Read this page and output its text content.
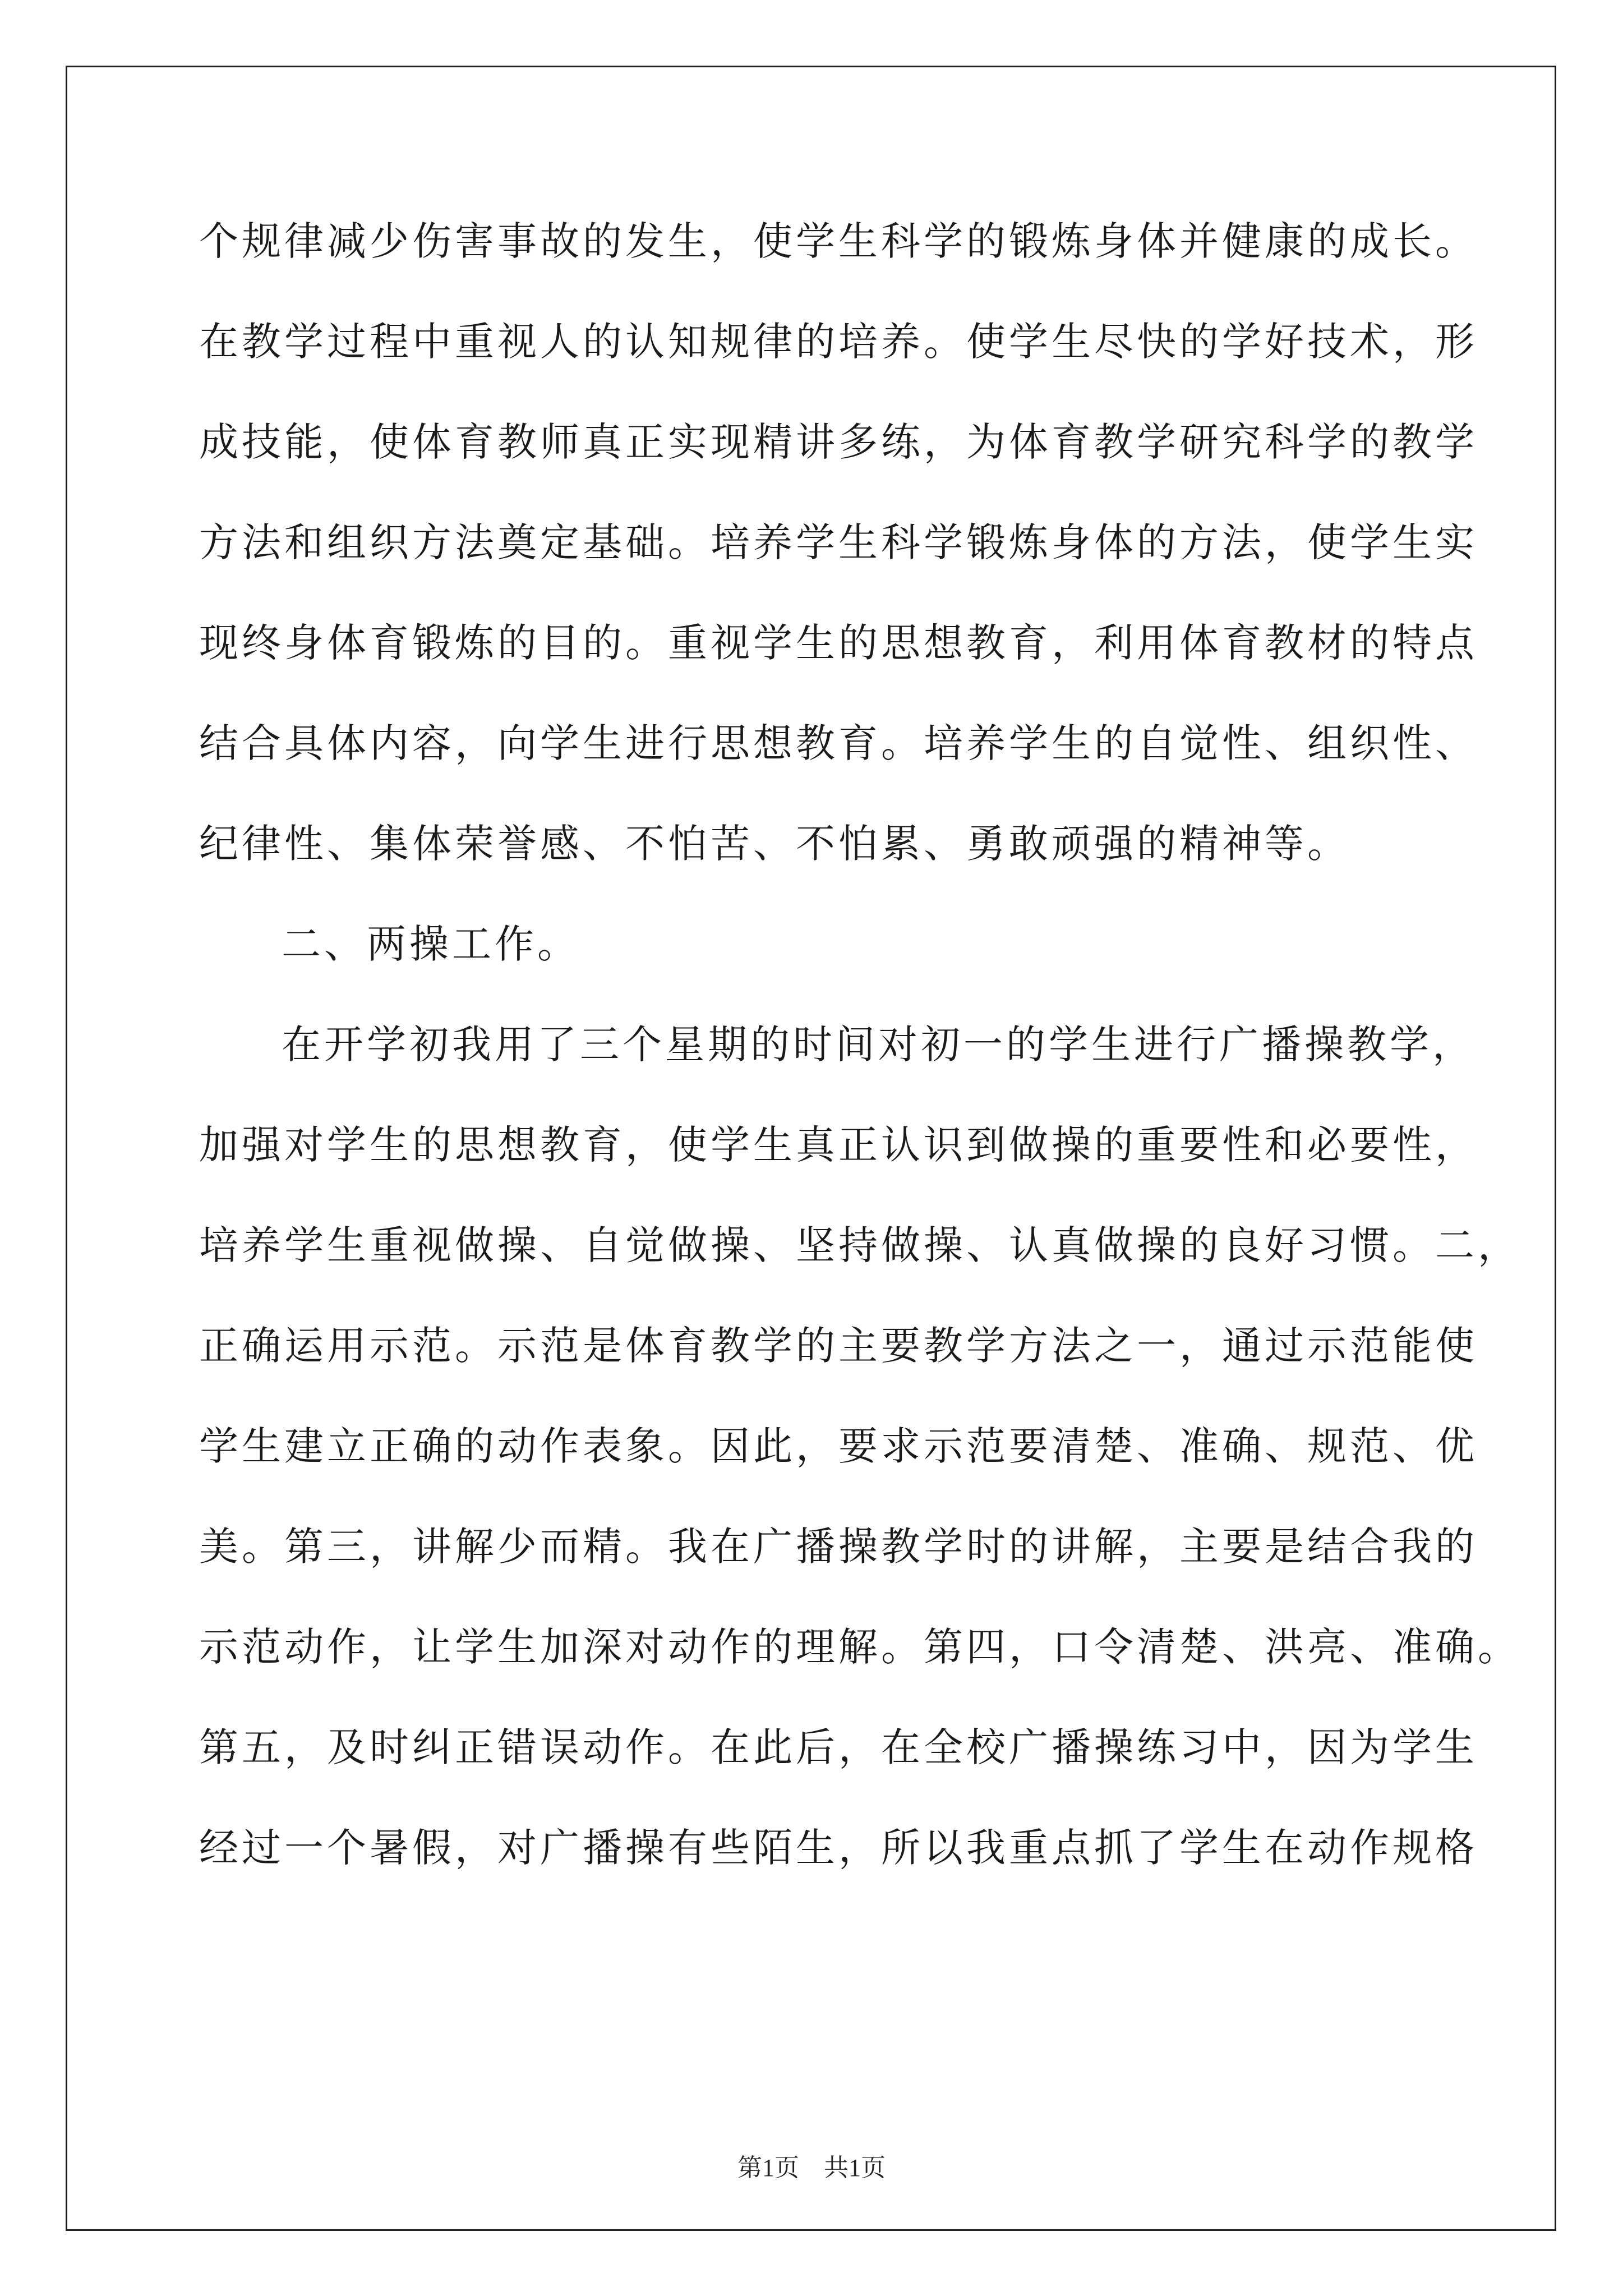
个规律减少伤害事故的发生，使学生科学的锻炼身体并健康的成长。
在教学过程中重视人的认知规律的培养。使学生尽快的学好技术，形
成技能，使体育教师真正实现精讲多练，为体育教学研究科学的教学
方法和组织方法奠定基础。培养学生科学锻炼身体的方法，使学生实
现终身体育锻炼的目的。重视学生的思想教育，利用体育教材的特点
结合具体内容，向学生进行思想教育。培养学生的自觉性、组织性、
纪律性、集体荣誉感、不怕苦、不怕累、勇敢顽强的精神等。
二、两操工作。
在开学初我用了三个星期的时间对初一的学生进行广播操教学，
加强对学生的思想教育，使学生真正认识到做操的重要性和必要性，
培养学生重视做操、自觉做操、坚持做操、认真做操的良好习惯。二，
正确运用示范。示范是体育教学的主要教学方法之一，通过示范能使
学生建立正确的动作表象。因此，要求示范要清楚、准确、规范、优
美。第三，讲解少而精。我在广播操教学时的讲解，主要是结合我的
示范动作，让学生加深对动作的理解。第四，口令清楚、洪亮、准确。
第五，及时纠正错误动作。在此后，在全校广播操练习中，因为学生
经过一个暑假，对广播操有些陌生，所以我重点抓了学生在动作规格
第1页　共1页
